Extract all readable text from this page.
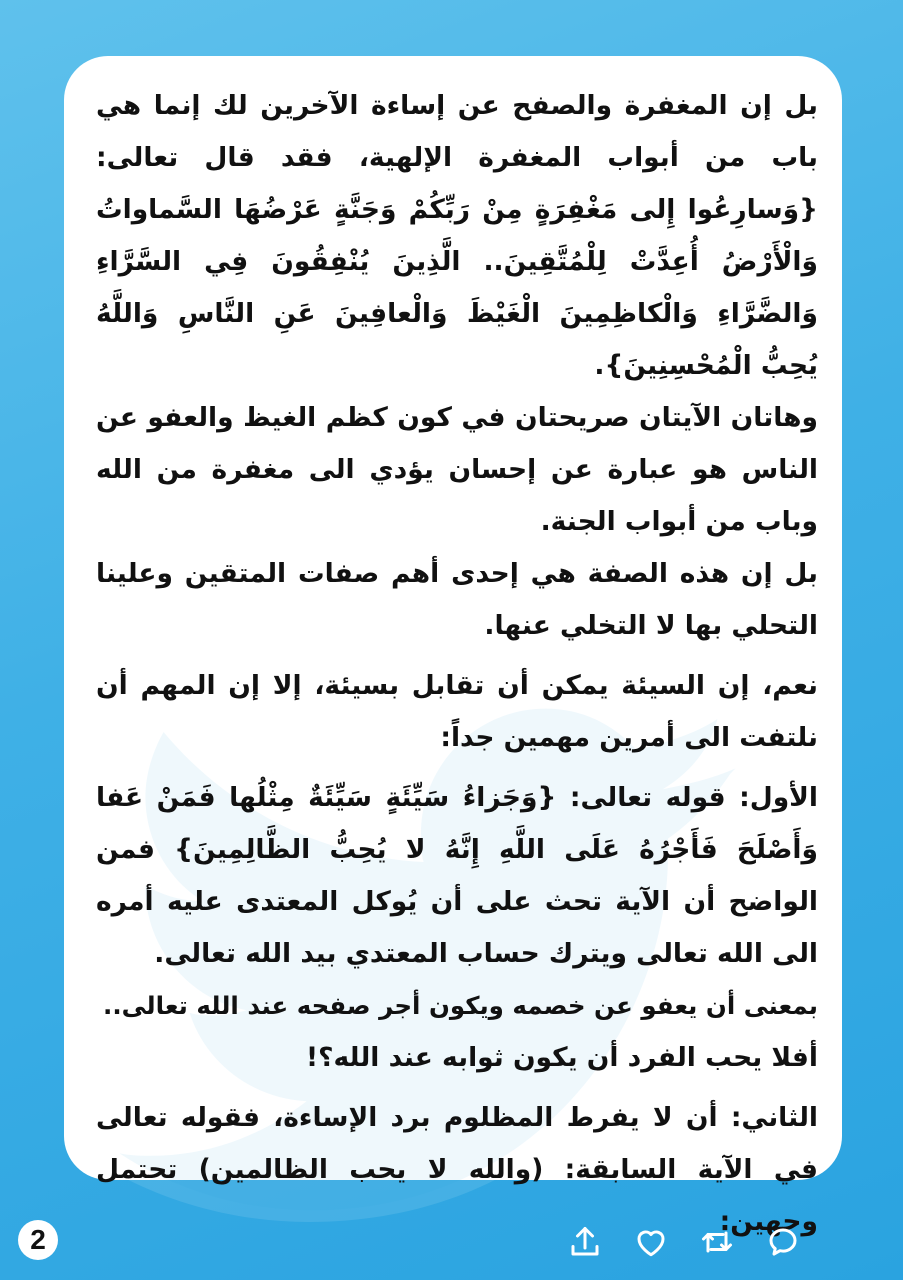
بل إن المغفرة والصفح عن إساءة الآخرين لك إنما هي باب من أبواب المغفرة الإلهية، فقد قال تعالى:{وَسارِعُوا إِلى مَغْفِرَةٍ مِنْ رَبِّكُمْ وَجَنَّةٍ عَرْضُهَا السَّماواتُ وَالْأَرْضُ أُعِدَّتْ لِلْمُتَّقِينَ.. الَّذِينَ يُنْفِقُونَ فِي السَّرَّاءِ وَالضَّرَّاءِ وَالْكاظِمِينَ الْغَيْظَ وَالْعافِينَ عَنِ النَّاسِ وَاللَّهُ يُحِبُّ الْمُحْسِنِينَ}.

وهاتان الآيتان صريحتان في كون كظم الغيظ والعفو عن الناس هو عبارة عن إحسان يؤدي الى مغفرة من الله وباب من أبواب الجنة.

بل إن هذه الصفة هي إحدى أهم صفات المتقين وعلينا التحلي بها لا التخلي عنها.

نعم، إن السيئة يمكن أن تقابل بسيئة، إلا إن المهم أن نلتفت الى أمرين مهمين جداً:

الأول: قوله تعالى: {وَجَزاءُ سَيِّئَةٍ سَيِّئَةٌ مِثْلُها فَمَنْ عَفا وَأَصْلَحَ فَأَجْرُهُ عَلَى اللَّهِ إِنَّهُ لا يُحِبُّ الظَّالِمِينَ} فمن الواضح أن الآية تحث على أن يُوكل المعتدى عليه أمره الى الله تعالى ويترك حساب المعتدي بيد الله تعالى.

بمعنى أن يعفو عن خصمه ويكون أجر صفحه عند الله تعالى..

أفلا يحب الفرد أن يكون ثوابه عند الله؟!

الثاني: أن لا يفرط المظلوم برد الإساءة، فقوله تعالى في الآية السابقة: (والله لا يحب الظالمين) تحتمل وجهين:

2
